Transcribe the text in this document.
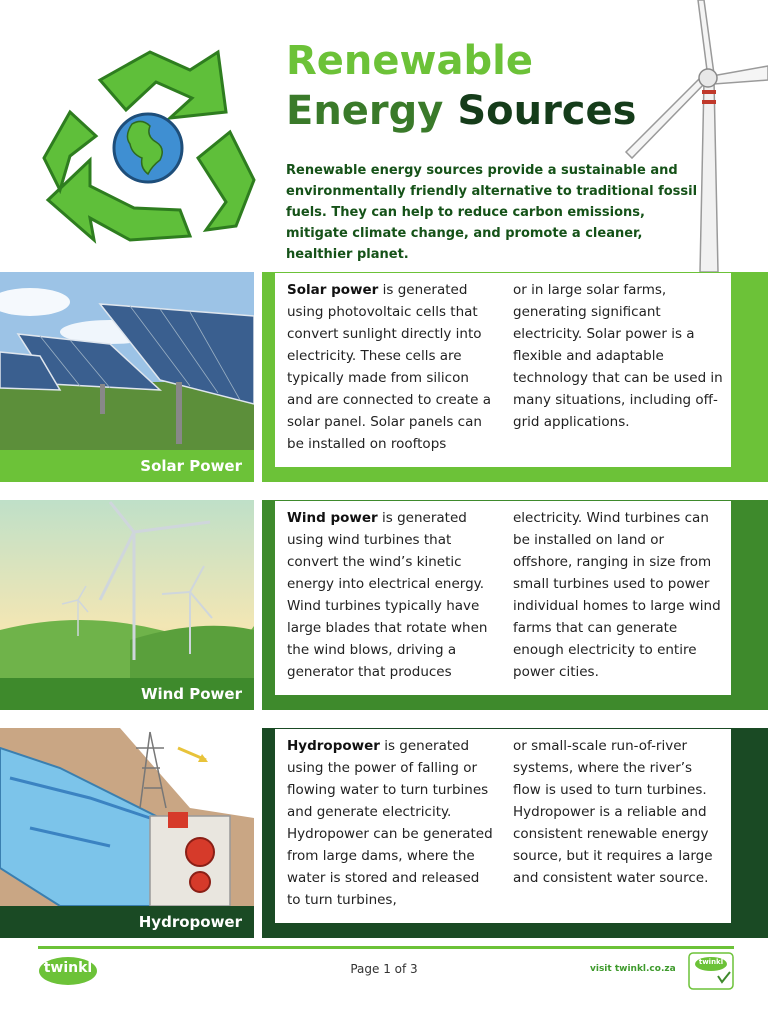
Renewable
Energy Sources
Renewable energy sources provide a sustainable and environmentally friendly alternative to traditional fossil fuels. They can help to reduce carbon emissions, mitigate climate change, and promote a cleaner, healthier planet.
Solar Power
Solar power is generated using photovoltaic cells that convert sunlight directly into electricity. These cells are typically made from silicon and are connected to create a solar panel. Solar panels can be installed on rooftops
or in large solar farms, generating significant electricity. Solar power is a flexible and adaptable technology that can be used in many situations, including off-grid applications.
Wind Power
Wind power is generated using wind turbines that convert the wind’s kinetic energy into electrical energy. Wind turbines typically have large blades that rotate when the wind blows, driving a generator that produces
electricity. Wind turbines can be installed on land or offshore, ranging in size from small turbines used to power individual homes to large wind farms that can generate enough electricity to entire power cities.
Hydropower
Hydropower is generated using the power of falling or flowing water to turn turbines and generate electricity. Hydropower can be generated from large dams, where the water is stored and released to turn turbines,
or small-scale run-of-river systems, where the river’s flow is used to turn turbines. Hydropower is a reliable and consistent renewable energy source, but it requires a large and consistent water source.
twinkl	Page 1 of 3	visit twinkl.co.za
twinkl
